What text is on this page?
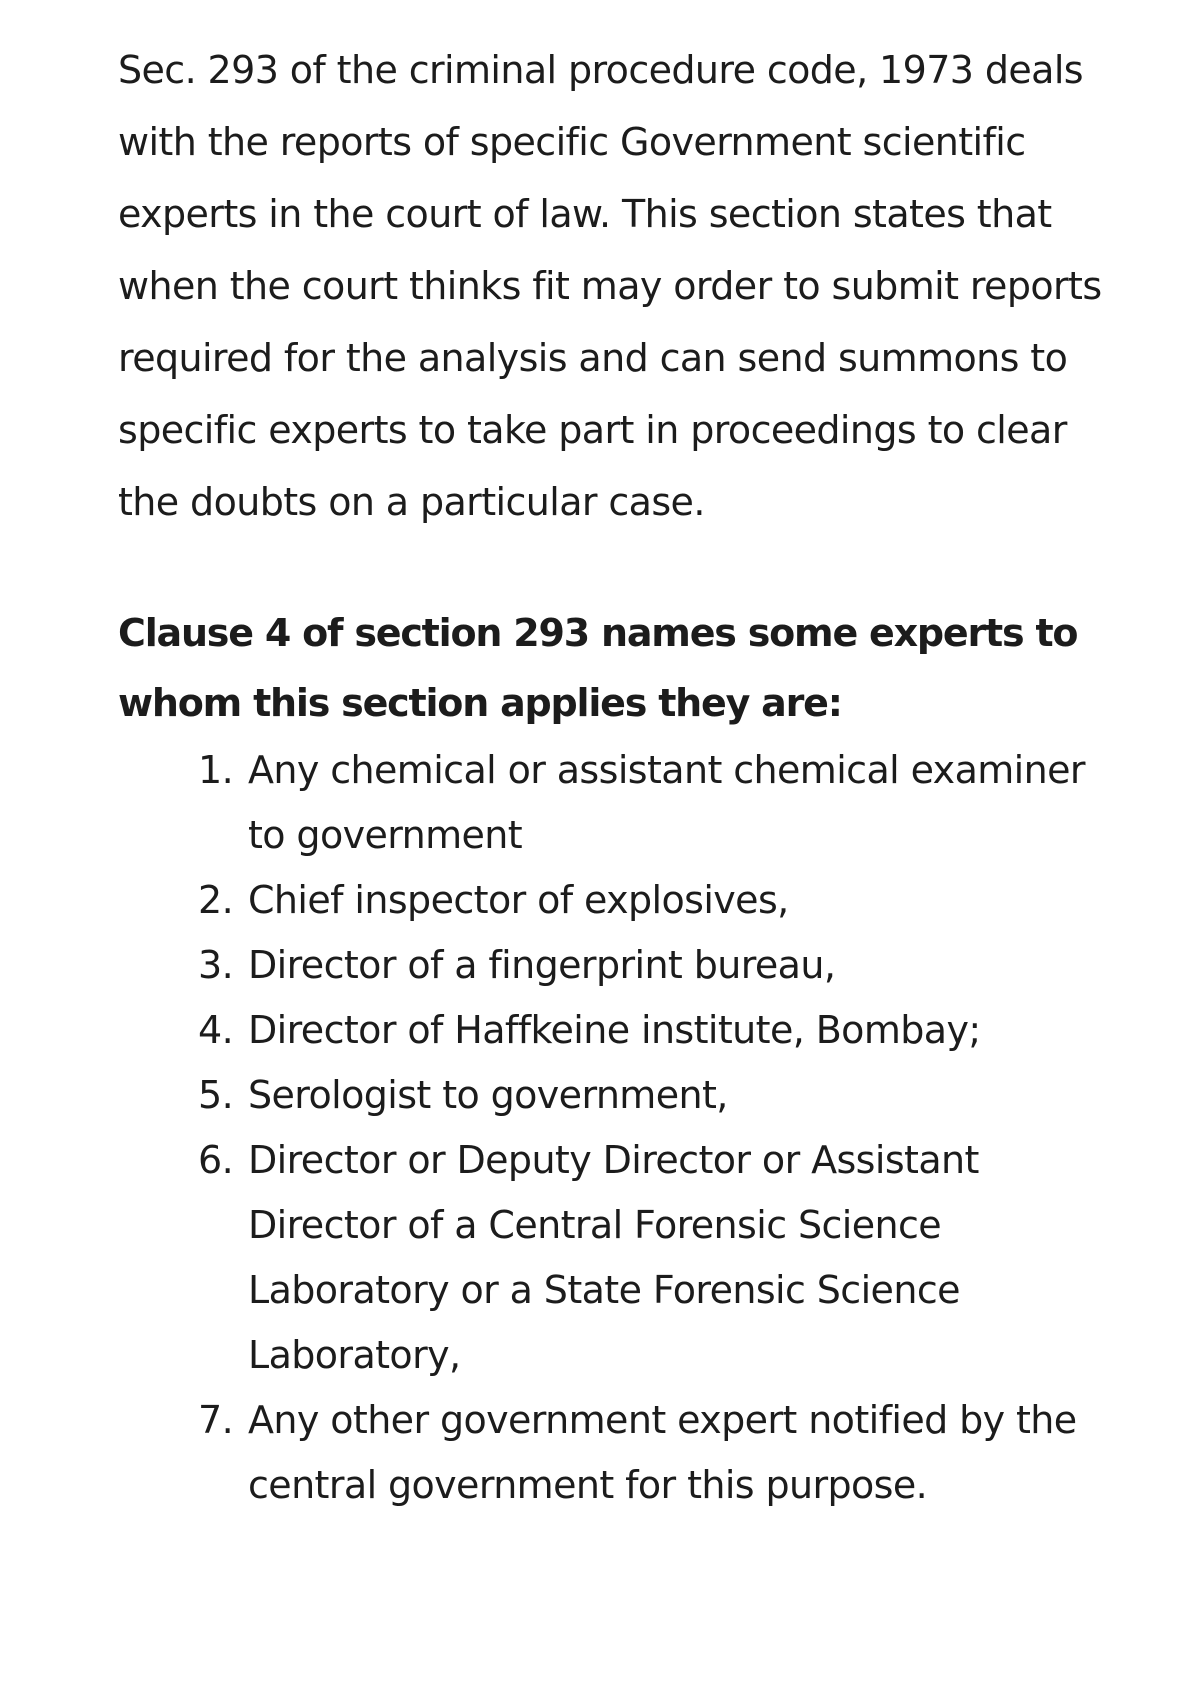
Sec. 293 of the criminal procedure code, 1973 deals with the reports of specific Government scientific experts in the court of law. This section states that when the court thinks fit may order to submit reports required for the analysis and can send summons to specific experts to take part in proceedings to clear the doubts on a particular case.

Clause 4 of section 293 names some experts to whom this section applies they are:
1. Any chemical or assistant chemical examiner to government
2. Chief inspector of explosives,
3. Director of a fingerprint bureau,
4. Director of Haffkeine institute, Bombay;
5. Serologist to government,
6. Director or Deputy Director or Assistant Director of a Central Forensic Science Laboratory or a State Forensic Science Laboratory,
7. Any other government expert notified by the central government for this purpose.
